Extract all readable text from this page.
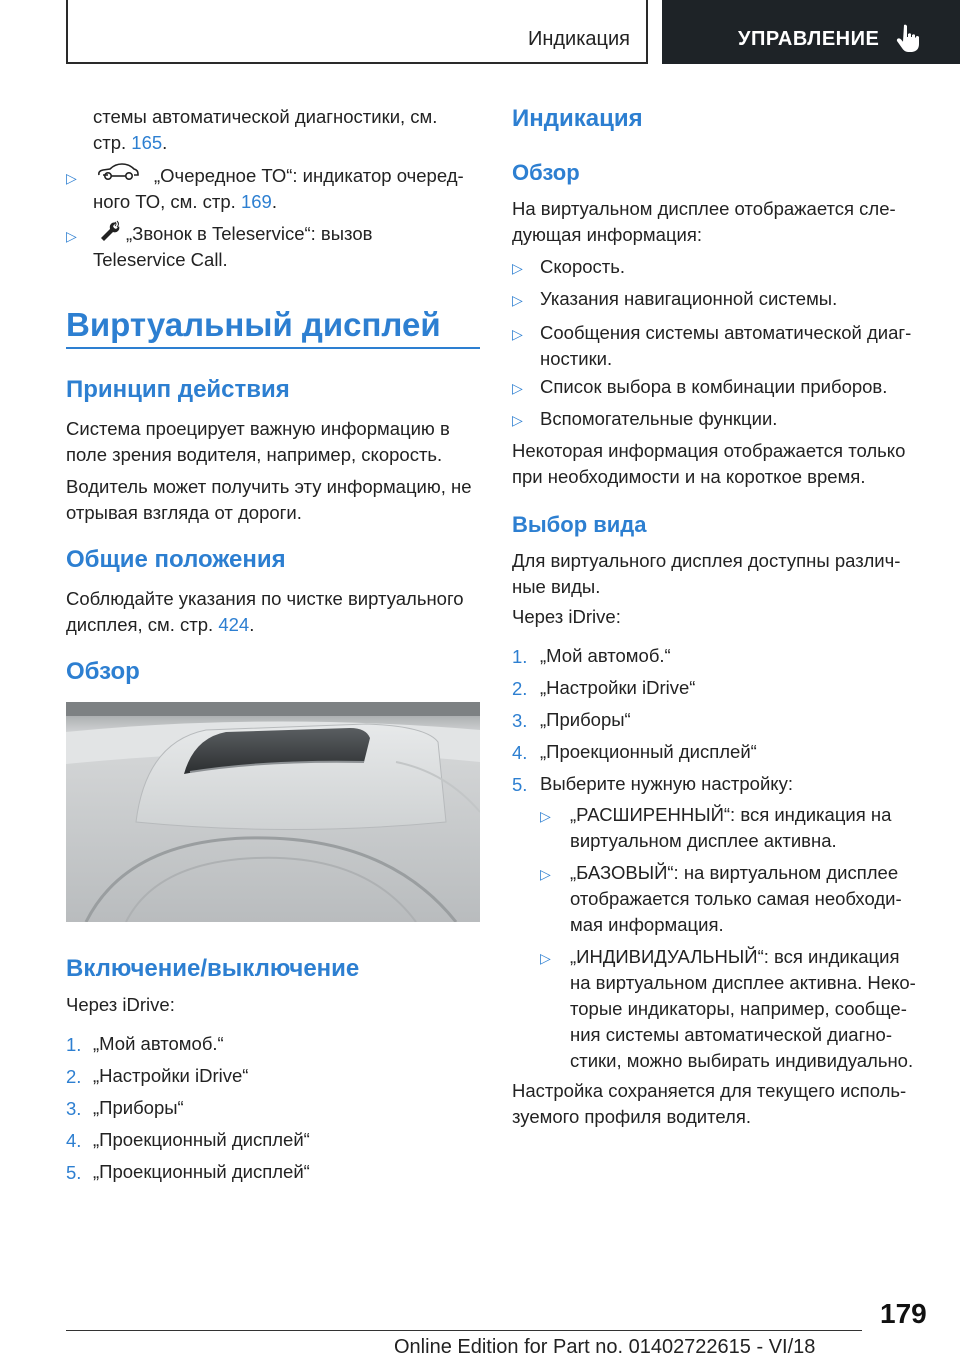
Индикация	УПРАВЛЕНИЕ

стемы автоматической диагностики, см.

стр. 165.

▷	„Очередное ТО“: индикатор очеред‐

ного ТО, см. стр. 169.

▷	„Звонок в Teleservice“: вызов

Teleservice Call.

Виртуальный дисплей
Принцип действия

Система проецирует важную информацию в

поле зрения водителя, например, скорость.

Водитель может получить эту информацию, не

отрывая взгляда от дороги.

Общие положения

Соблюдайте указания по чистке виртуального

дисплея, см. стр. 424.

Обзор
Включение/выключение

Через iDrive:

1. „Мой автомоб.“

2. „Настройки iDrive“

3. „Приборы“

4. „Проекционный дисплей“

5. „Проекционный дисплей“

Индикация
Обзор

На виртуальном дисплее отображается сле‐

дующая информация:

▷ Скорость.

▷ Указания навигационной системы.

▷ Сообщения системы автоматической диаг‐

ностики.

▷ Список выбора в комбинации приборов.

▷ Вспомогательные функции.

Некоторая информация отображается только

при необходимости и на короткое время.

Выбор вида

Для виртуального дисплея доступны различ‐

ные виды.

Через iDrive:

1. „Мой автомоб.“

2. „Настройки iDrive“

3. „Приборы“

4. „Проекционный дисплей“

5. Выберите нужную настройку:

▷ „РАСШИРЕННЫЙ“: вся индикация на

виртуальном дисплее активна.

▷ „БАЗОВЫЙ“: на виртуальном дисплее

отображается только самая необходи‐

мая информация.

▷ „ИНДИВИДУАЛЬНЫЙ“: вся индикация

на виртуальном дисплее активна. Неко‐

торые индикаторы, например, сообще‐

ния системы автоматической диагно‐

стики, можно выбирать индивидуально.

Настройка сохраняется для текущего исполь‐

зуемого профиля водителя.

179
Online Edition for Part no. 01402722615 - VI/18
